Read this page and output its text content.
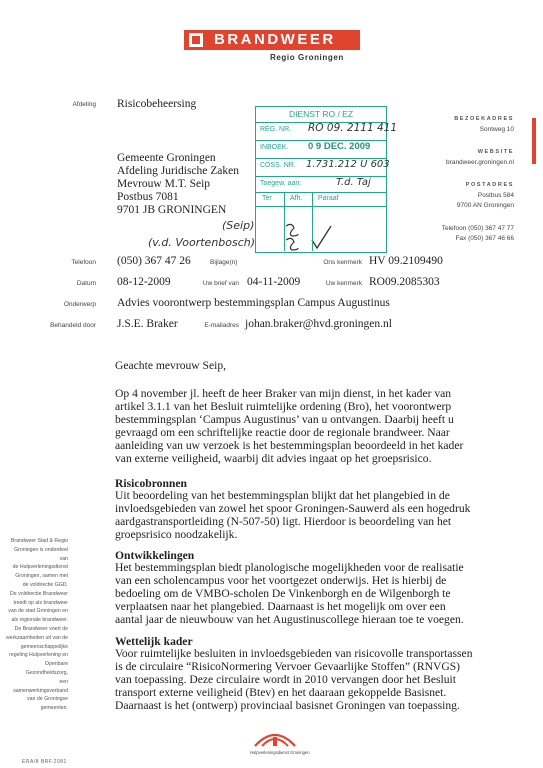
BRANDWEER
Regio Groningen
Afdeling Risicobeheersing
Gemeente Groningen
Afdeling Juridische Zaken
Mevrouw M.T. Seip
Postbus 7081
9701 JB GRONINGEN
(Seip)
(v.d. Voortenbosch)
DIENST RO / EZ
REG. NR. RO 09. 2111 411
INBOEK. 0 9 DEC. 2009
COSS. NR. 1.731.212 U 603
Toegew. aan:	T.d. Taj
Ter	Afh. Paraaf
BEZOEKADRES
Sontweg 10
WEBSITE
brandweer.groningen.nl
POSTADRES
Postbus 584
9700 AN Groningen
Telefoon (050) 367 47 77
Fax (050) 367 46 66
Telefoon (050) 367 47 26	Bijlage(n)	Ons kenmerk HV 09.2109490
Datum 08-12-2009	Uw brief van 04-11-2009	Uw kenmerk RO09.2085303
Onderwerp Advies voorontwerp bestemmingsplan Campus Augustinus
Behandeld door J.S.E. Braker	E-mailadres johan.braker@hvd.groningen.nl
Geachte mevrouw Seip,
Op 4 november jl. heeft de heer Braker van mijn dienst, in het kader van artikel 3.1.1 van het Besluit ruimtelijke ordening (Bro), het voorontwerp bestemmingsplan ‘Campus Augustinus’ van u ontvangen. Daarbij heeft u gevraagd om een schriftelijke reactie door de regionale brandweer. Naar aanleiding van uw verzoek is het bestemmingsplan beoordeeld in het kader van externe veiligheid, waarbij dit advies ingaat op het groepsrisico.
Risicobronnen
Uit beoordeling van het bestemmingsplan blijkt dat het plangebied in de invloedsgebieden van zowel het spoor Groningen-Sauwerd als een hogedruk aardgastransportleiding (N-507-50) ligt. Hierdoor is beoordeling van het groepsrisico noodzakelijk.
Ontwikkelingen
Het bestemmingsplan biedt planologische mogelijkheden voor de realisatie van een scholencampus voor het voortgezet onderwijs. Het is hierbij de bedoeling om de VMBO-scholen De Vinkenborgh en de Wilgenborgh te verplaatsen naar het plangebied. Daarnaast is het mogelijk om over een aantal jaar de nieuwbouw van het Augustinuscollege hieraan toe te voegen.
Wettelijk kader
Voor ruimtelijke besluiten in invloedsgebieden van risicovolle transportassen is de circulaire “RisicoNormering Vervoer Gevaarlijke Stoffen” (RNVGS) van toepassing. Deze circulaire wordt in 2010 vervangen door het Besluit transport externe veiligheid (Btev) en het daaraan gekoppelde Basisnet. Daarnaast is het (ontwerp) provinciaal basisnet Groningen van toepassing.
Brandweer Stad & Regio
Groningen is onderdeel van
de Hulpverleningsdienst
Groningen, samen met
de voldirectie GGD.
De voldirectie Brandweer
treedt op als brandweer
van de stad Groningen en
als regionale brandweer.
De Brandweer voert de
werkzaamheden uit van de
gemeenschappelijke
regeling Hulpverlening en
Openbare Gezondheidszorg,
een samenwerkingsverband
van de Groningse
gemeenten.
Hulpverleningsdienst Groningen
ERA/8 BRF.2081
